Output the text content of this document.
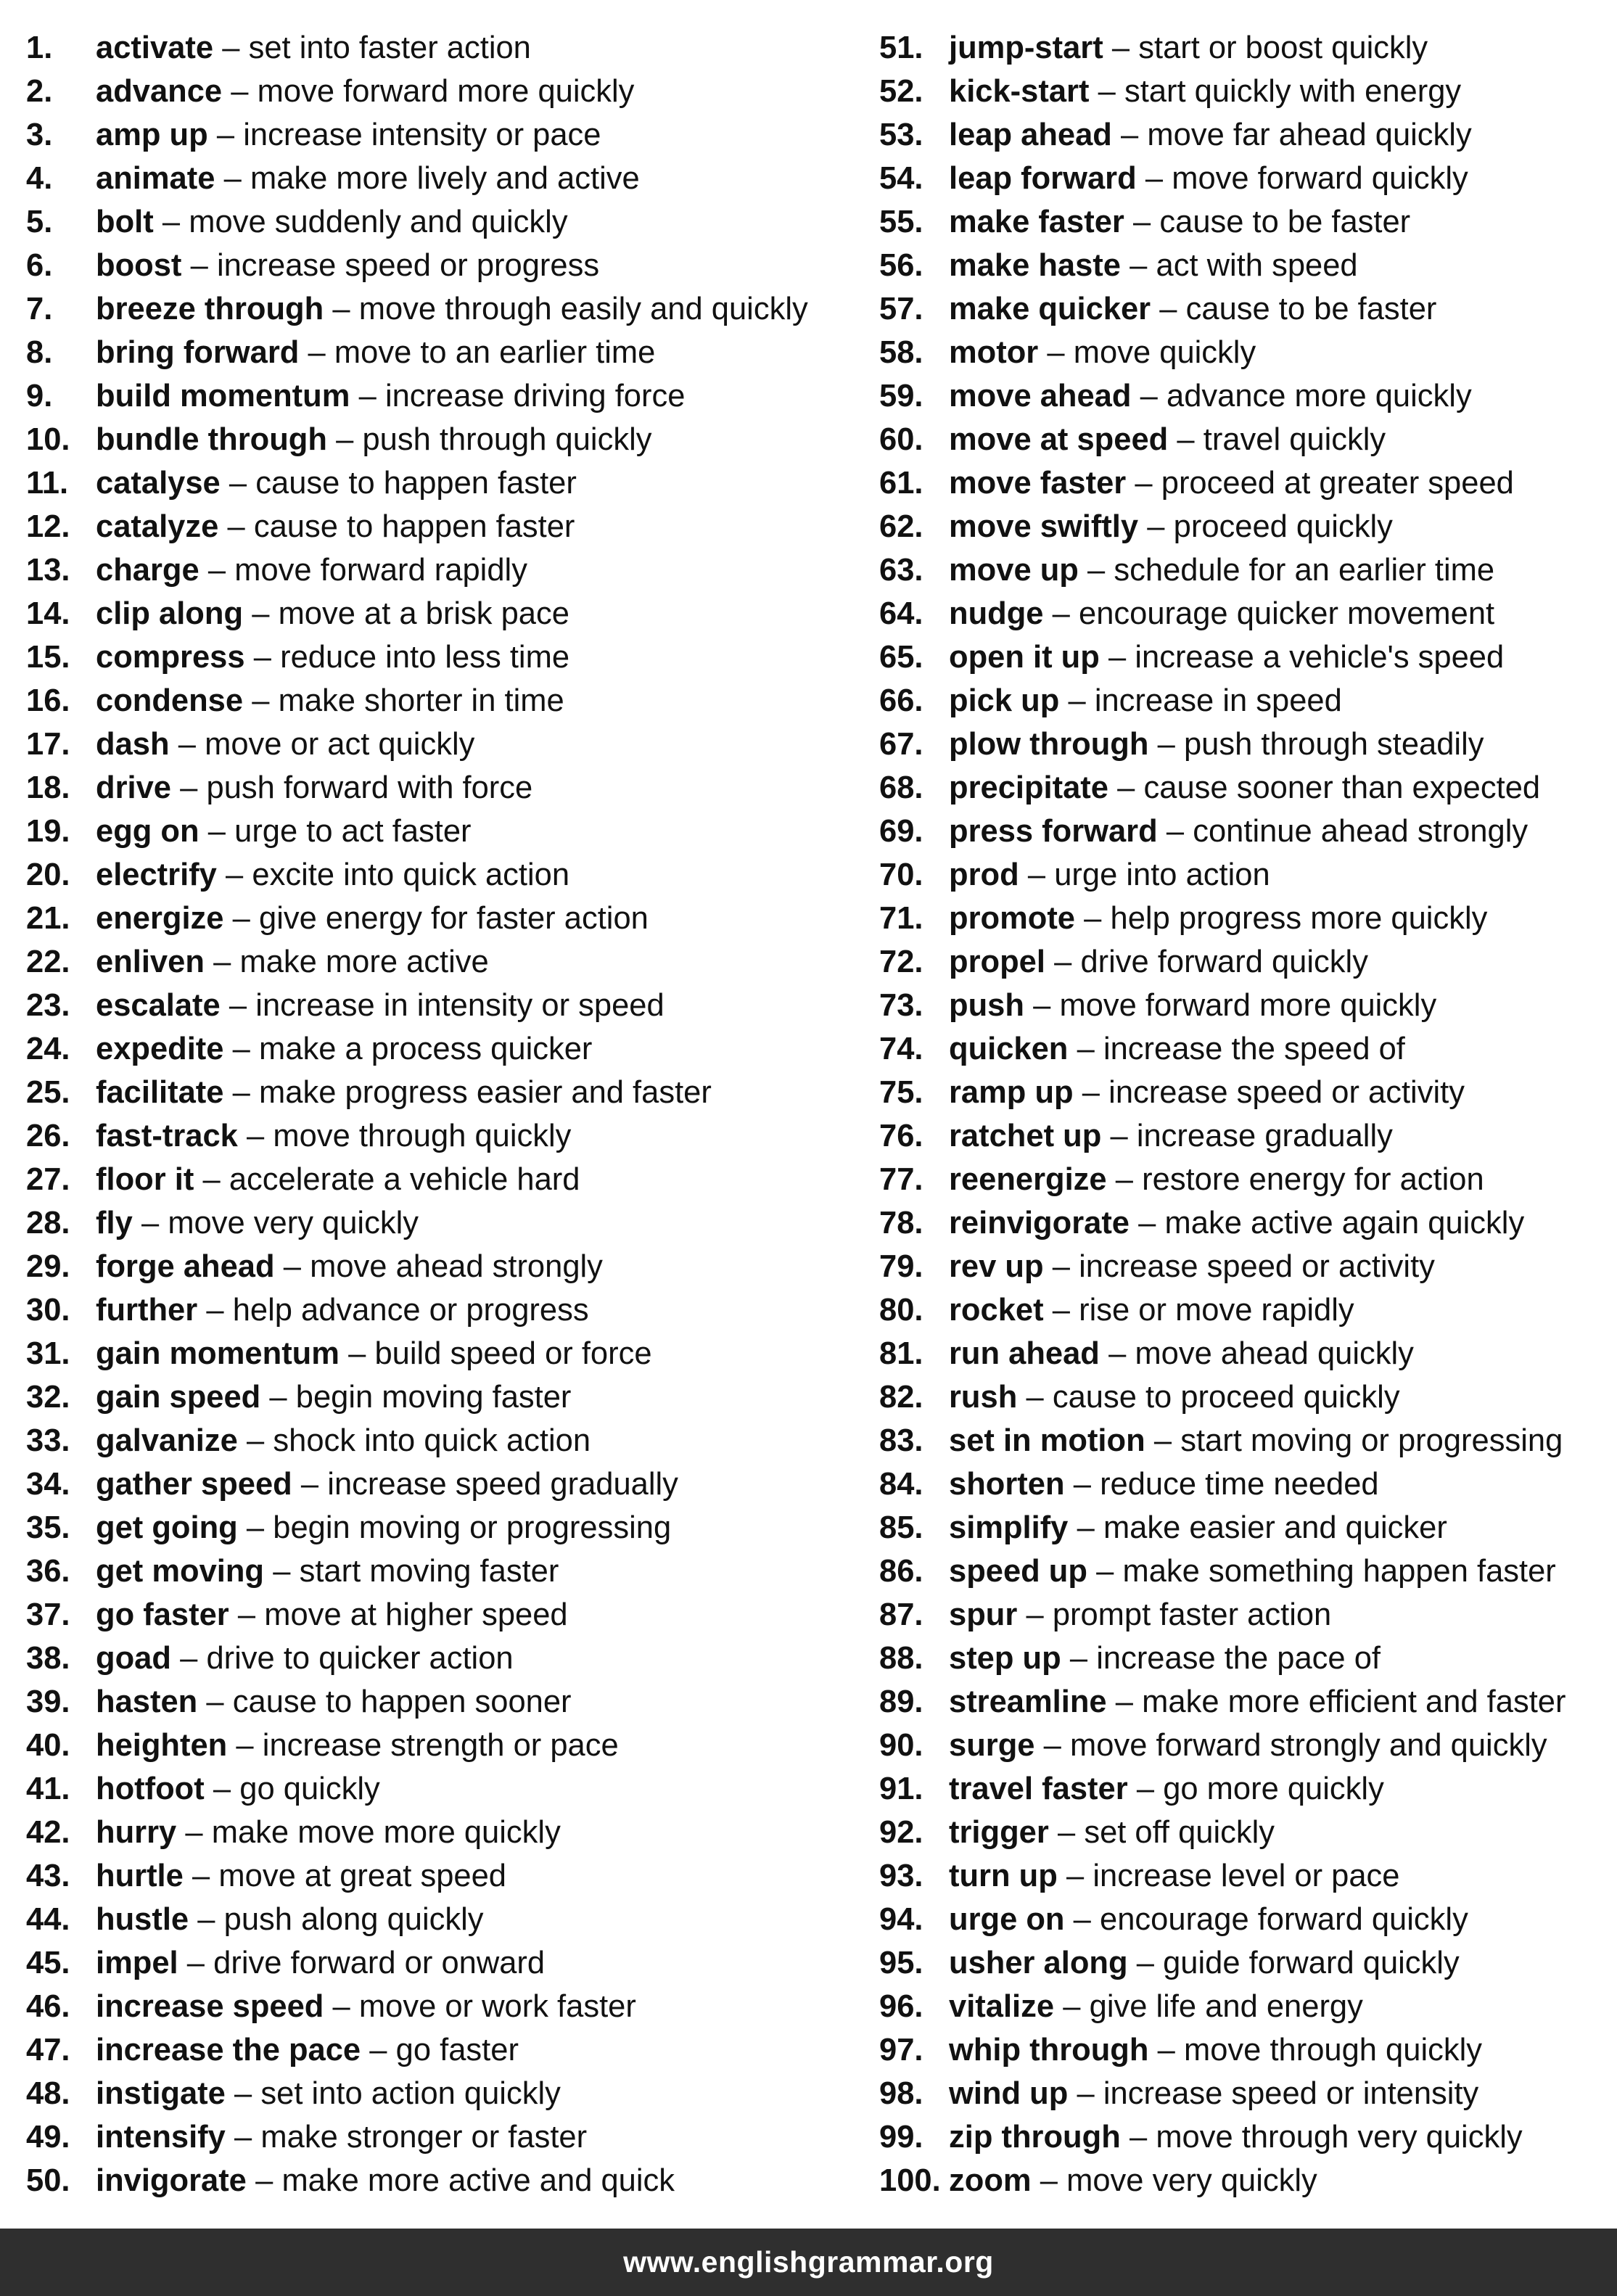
1.	activate – set into faster action
2.	advance – move forward more quickly
3.	amp up – increase intensity or pace
4.	animate – make more lively and active
5.	bolt – move suddenly and quickly
6.	boost – increase speed or progress
7.	breeze through – move through easily and quickly
8.	bring forward – move to an earlier time
9.	build momentum – increase driving force
10. bundle through – push through quickly
11. catalyse – cause to happen faster
12. catalyze – cause to happen faster
13. charge – move forward rapidly
14. clip along – move at a brisk pace
15. compress – reduce into less time
16. condense – make shorter in time
17. dash – move or act quickly
18. drive – push forward with force
19. egg on – urge to act faster
20. electrify – excite into quick action
21. energize – give energy for faster action
22. enliven – make more active
23. escalate – increase in intensity or speed
24. expedite – make a process quicker
25. facilitate – make progress easier and faster
26. fast-track – move through quickly
27. floor it – accelerate a vehicle hard
28. fly – move very quickly
29. forge ahead – move ahead strongly
30. further – help advance or progress
31. gain momentum – build speed or force
32. gain speed – begin moving faster
33. galvanize – shock into quick action
34. gather speed – increase speed gradually
35. get going – begin moving or progressing
36. get moving – start moving faster
37. go faster – move at higher speed
38. goad – drive to quicker action
39. hasten – cause to happen sooner
40. heighten – increase strength or pace
41. hotfoot – go quickly
42. hurry – make move more quickly
43. hurtle – move at great speed
44. hustle – push along quickly
45. impel – drive forward or onward
46. increase speed – move or work faster
47. increase the pace – go faster
48. instigate – set into action quickly
49. intensify – make stronger or faster
50. invigorate – make more active and quick
51. jump-start – start or boost quickly
52. kick-start – start quickly with energy
53. leap ahead – move far ahead quickly
54. leap forward – move forward quickly
55. make faster – cause to be faster
56. make haste – act with speed
57. make quicker – cause to be faster
58. motor – move quickly
59. move ahead – advance more quickly
60. move at speed – travel quickly
61. move faster – proceed at greater speed
62. move swiftly – proceed quickly
63. move up – schedule for an earlier time
64. nudge – encourage quicker movement
65. open it up – increase a vehicle's speed
66. pick up – increase in speed
67. plow through – push through steadily
68. precipitate – cause sooner than expected
69. press forward – continue ahead strongly
70. prod – urge into action
71. promote – help progress more quickly
72. propel – drive forward quickly
73. push – move forward more quickly
74. quicken – increase the speed of
75. ramp up – increase speed or activity
76. ratchet up – increase gradually
77. reenergize – restore energy for action
78. reinvigorate – make active again quickly
79. rev up – increase speed or activity
80. rocket – rise or move rapidly
81. run ahead – move ahead quickly
82. rush – cause to proceed quickly
83. set in motion – start moving or progressing
84. shorten – reduce time needed
85. simplify – make easier and quicker
86. speed up – make something happen faster
87. spur – prompt faster action
88. step up – increase the pace of
89. streamline – make more efficient and faster
90. surge – move forward strongly and quickly
91. travel faster – go more quickly
92. trigger – set off quickly
93. turn up – increase level or pace
94. urge on – encourage forward quickly
95. usher along – guide forward quickly
96. vitalize – give life and energy
97. whip through – move through quickly
98. wind up – increase speed or intensity
99. zip through – move through very quickly
100. zoom – move very quickly
www.englishgrammar.org
